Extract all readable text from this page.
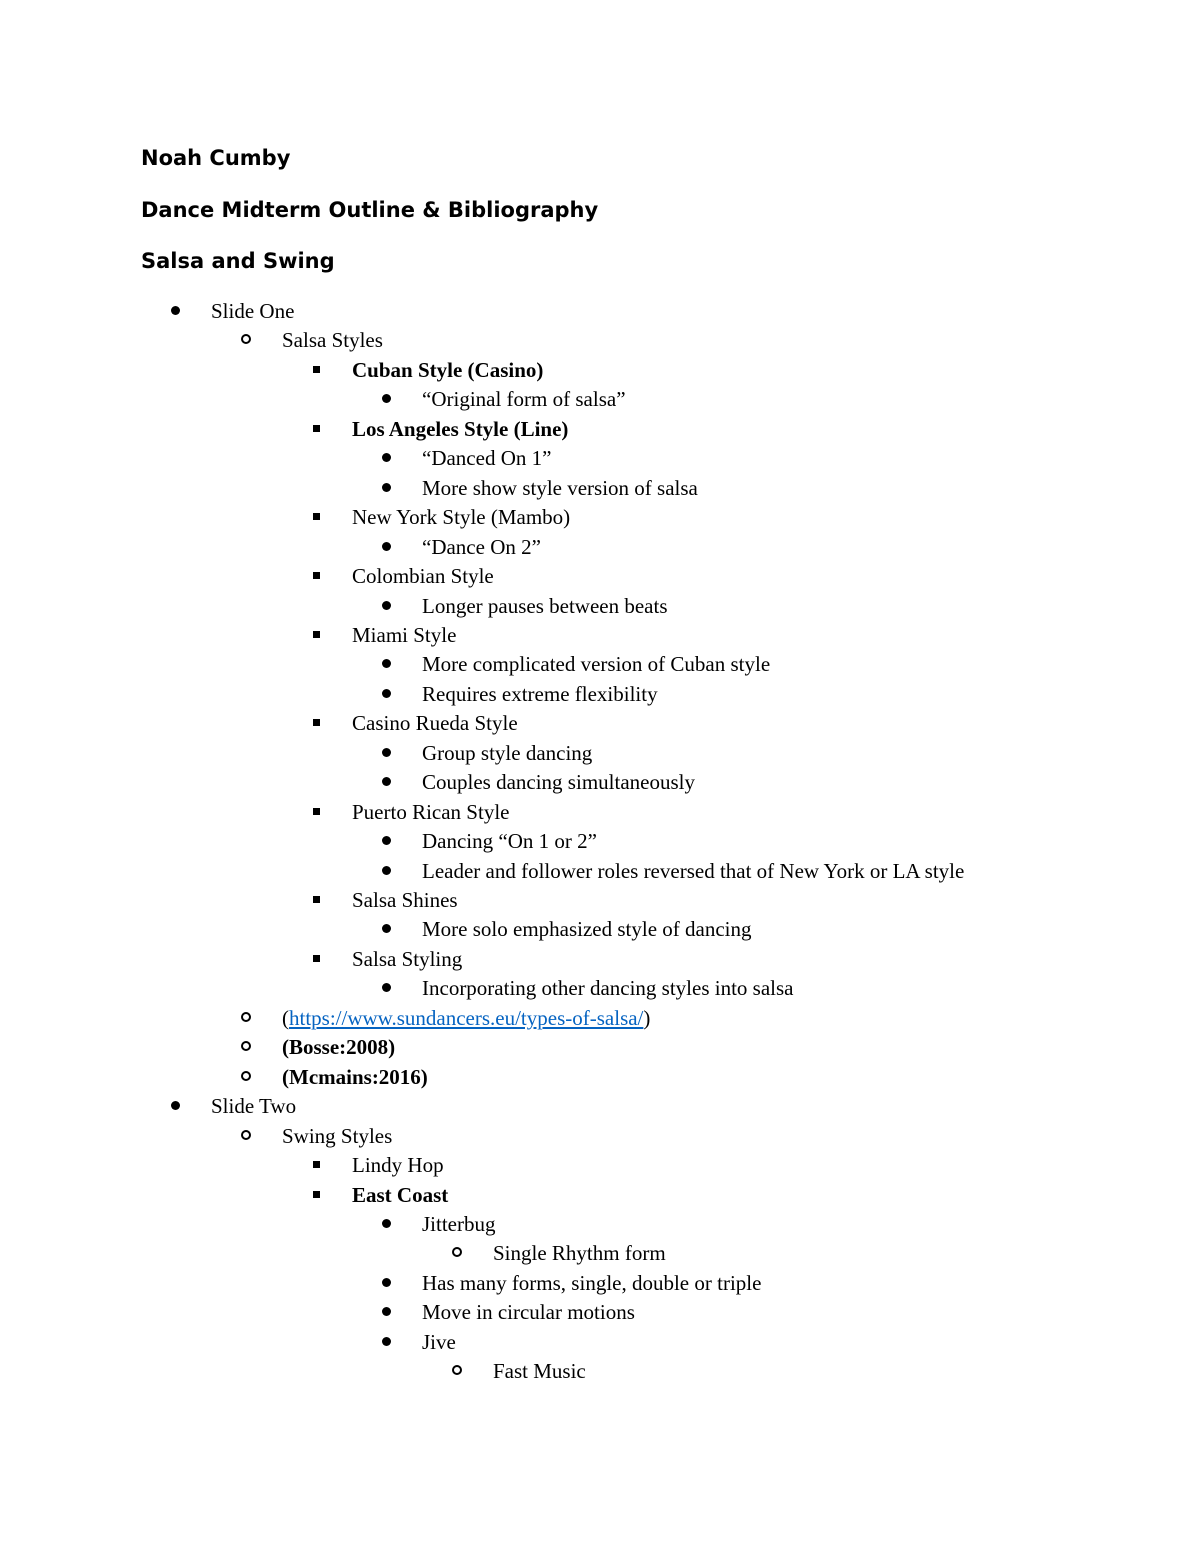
Noah Cumby
Dance Midterm Outline & Bibliography
Salsa and Swing
Slide One
Salsa Styles
Cuban Style (Casino)
“Original form of salsa”
Los Angeles Style (Line)
“Danced On 1”
More show style version of salsa
New York Style (Mambo)
“Dance On 2”
Colombian Style
Longer pauses between beats
Miami Style
More complicated version of Cuban style
Requires extreme flexibility
Casino Rueda Style
Group style dancing
Couples dancing simultaneously
Puerto Rican Style
Dancing “On 1 or 2”
Leader and follower roles reversed that of New York or LA style
Salsa Shines
More solo emphasized style of dancing
Salsa Styling
Incorporating other dancing styles into salsa
(https://www.sundancers.eu/types-of-salsa/)
(Bosse:2008)
(Mcmains:2016)
Slide Two
Swing Styles
Lindy Hop
East Coast
Jitterbug
Single Rhythm form
Has many forms, single, double or triple
Move in circular motions
Jive
Fast Music
